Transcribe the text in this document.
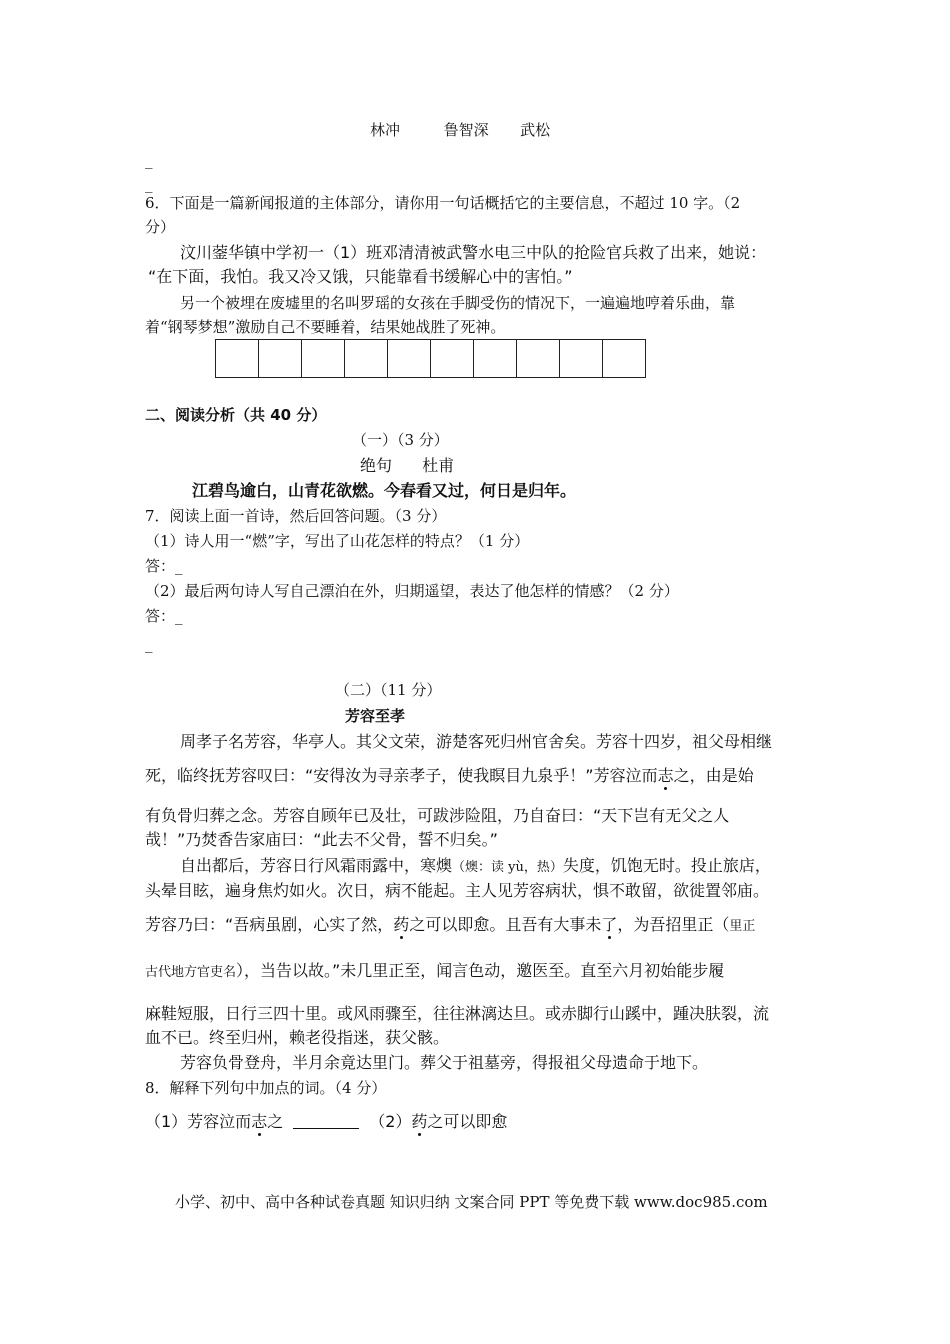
林冲	鲁智深 武松
_
_
6．下面是一篇新闻报道的主体部分，请你用一句话概括它的主要信息，不超过 10 字。（2
分）
汶川蓥华镇中学初一（1）班邓清清被武警水电三中队的抢险官兵救了出来，她说：
“在下面，我怕。我又冷又饿，只能靠看书缓解心中的害怕。”
另一个被埋在废墟里的名叫罗瑶的女孩在手脚受伤的情况下，一遍遍地哼着乐曲，靠
着“钢琴梦想”激励自己不要睡着，结果她战胜了死神。
二、阅读分析（共 40 分）
（一）（3 分）
绝句 杜甫
江碧鸟逾白，山青花欲燃。今春看又过，何日是归年。
7．阅读上面一首诗，然后回答问题。（3 分）
（1）诗人用一“燃”字，写出了山花怎样的特点？（1 分）
答：_
（2）最后两句诗人写自己漂泊在外，归期遥望，表达了他怎样的情感？（2 分）
答：_
_
（二）（11 分）
芳容至孝
周孝子名芳容，华亭人。其父文荣，游楚客死归州官舍矣。芳容十四岁，祖父母相继
死，临终抚芳容叹曰：“安得汝为寻亲孝子，使我瞑目九泉乎！”芳容泣而志之，由是始
有负骨归葬之念。芳容自顾年已及壮，可跋涉险阻，乃自奋曰：“天下岂有无父之人
哉！”乃焚香告家庙曰：“此去不父骨，誓不归矣。”
自出都后，芳容日行风霜雨露中，寒燠（燠：读 yù，热）失度，饥饱无时。投止旅店，
头晕目眩，遍身焦灼如火。次日，病不能起。主人见芳容病状，惧不敢留，欲徙置邻庙。
芳容乃曰：“吾病虽剧，心实了然，药之可以即愈。且吾有大事未了，为吾招里正（里正
古代地方官吏名），当告以故。”未几里正至，闻言色动，邀医至。直至六月初始能步履
麻鞋短服，日行三四十里。或风雨骤至，往往淋漓达旦。或赤脚行山蹊中，踵决肤裂，流
血不已。终至归州，赖老役指迷，获父骸。
芳容负骨登舟，半月余竟达里门。葬父于祖墓旁，得报祖父母遗命于地下。
8．解释下列句中加点的词。（4 分）
（1）芳容泣而志之	（2）药之可以即愈
小学、初中、高中各种试卷真题 知识归纳 文案合同 PPT 等免费下载 www.doc985.com
